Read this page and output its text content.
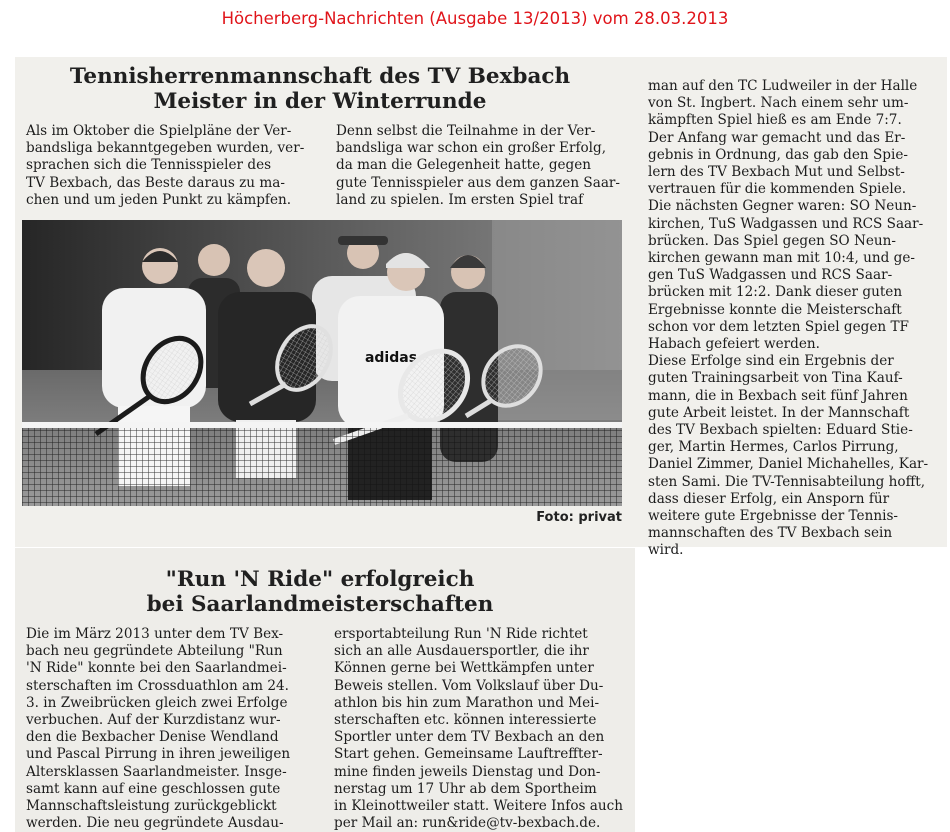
Höcherberg-Nachrichten (Ausgabe 13/2013) vom 28.03.2013
Tennisherrenmannschaft des TV Bexbach
Meister in der Winterrunde

Als im Oktober die Spielpläne der Ver-

bandsliga bekanntgegeben wurden, ver-

sprachen sich die Tennisspieler des

TV Bexbach, das Beste daraus zu ma-

chen und um jeden Punkt zu kämpfen.

Denn selbst die Teilnahme in der Ver-

bandsliga war schon ein großer Erfolg,

da man die Gelegenheit hatte, gegen

gute Tennisspieler aus dem ganzen Saar-

land zu spielen. Im ersten Spiel traf

man auf den TC Ludweiler in der Halle

von St. Ingbert. Nach einem sehr um-

kämpften Spiel hieß es am Ende 7:7.

Der Anfang war gemacht und das Er-

gebnis in Ordnung, das gab den Spie-

lern des TV Bexbach Mut und Selbst-

vertrauen für die kommenden Spiele.

Die nächsten Gegner waren: SO Neun-

kirchen, TuS Wadgassen und RCS Saar-

brücken. Das Spiel gegen SO Neun-

kirchen gewann man mit 10:4, und ge-

gen TuS Wadgassen und RCS Saar-

brücken mit 12:2. Dank dieser guten

Ergebnisse konnte die Meisterschaft

schon vor dem letzten Spiel gegen TF

Habach gefeiert werden.

Diese Erfolge sind ein Ergebnis der

guten Trainingsarbeit von Tina Kauf-

mann, die in Bexbach seit fünf Jahren

gute Arbeit leistet. In der Mannschaft

des TV Bexbach spielten: Eduard Stie-

ger, Martin Hermes, Carlos Pirrung,

Daniel Zimmer, Daniel Michahelles, Kar-

sten Sami. Die TV-Tennisabteilung hofft,

dass dieser Erfolg, ein Ansporn für

weitere gute Ergebnisse der Tennis-

mannschaften des TV Bexbach sein

wird.

adidas
Foto: privat
"Run 'N Ride" erfolgreich
bei Saarlandmeisterschaften

Die im März 2013 unter dem TV Bex-

bach neu gegründete Abteilung "Run

'N Ride" konnte bei den Saarlandmei-

sterschaften im Crossduathlon am 24.

3. in Zweibrücken gleich zwei Erfolge

verbuchen. Auf der Kurzdistanz wur-

den die Bexbacher Denise Wendland

und Pascal Pirrung in ihren jeweiligen

Altersklassen Saarlandmeister. Insge-

samt kann auf eine geschlossen gute

Mannschaftsleistung zurückgeblickt

werden. Die neu gegründete Ausdau-

ersportabteilung Run 'N Ride richtet

sich an alle Ausdauersportler, die ihr

Können gerne bei Wettkämpfen unter

Beweis stellen. Vom Volkslauf über Du-

athlon bis hin zum Marathon und Mei-

sterschaften etc. können interessierte

Sportler unter dem TV Bexbach an den

Start gehen. Gemeinsame Lauftreffter-

mine finden jeweils Dienstag und Don-

nerstag um 17 Uhr ab dem Sportheim

in Kleinottweiler statt. Weitere Infos auch

per Mail an: run&ride@tv-bexbach.de.
